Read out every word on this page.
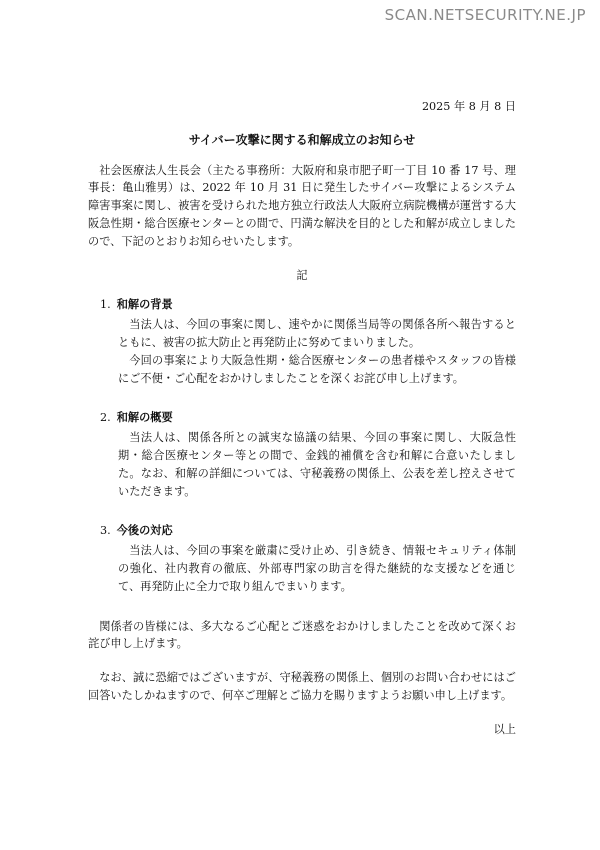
SCAN.NETSECURITY.NE.JP
2025 年 8 月 8 日
サイバー攻撃に関する和解成立のお知らせ

社会医療法人生長会（主たる事務所：大阪府和泉市肥子町一丁目 10 番 17 号、理事長：亀山雅男）は、2022 年 10 月 31 日に発生したサイバー攻撃によるシステム障害事案に関し、被害を受けられた地方独立行政法人大阪府立病院機構が運営する大阪急性期・総合医療センターとの間で、円満な解決を目的とした和解が成立しましたので、下記のとおりお知らせいたします。

記
1. 和解の背景
当法人は、今回の事案に関し、速やかに関係当局等の関係各所へ報告するとともに、被害の拡大防止と再発防止に努めてまいりました。
今回の事案により大阪急性期・総合医療センターの患者様やスタッフの皆様にご不便・ご心配をおかけしましたことを深くお詫び申し上げます。
2. 和解の概要
当法人は、関係各所との誠実な協議の結果、今回の事案に関し、大阪急性期・総合医療センター等との間で、金銭的補償を含む和解に合意いたしました。なお、和解の詳細については、守秘義務の関係上、公表を差し控えさせていただきます。
3. 今後の対応
当法人は、今回の事案を厳粛に受け止め、引き続き、情報セキュリティ体制の強化、社内教育の徹底、外部専門家の助言を得た継続的な支援などを通じて、再発防止に全力で取り組んでまいります。

関係者の皆様には、多大なるご心配とご迷惑をおかけしましたことを改めて深くお詫び申し上げます。

なお、誠に恐縮ではございますが、守秘義務の関係上、個別のお問い合わせにはご回答いたしかねますので、何卒ご理解とご協力を賜りますようお願い申し上げます。

以上
